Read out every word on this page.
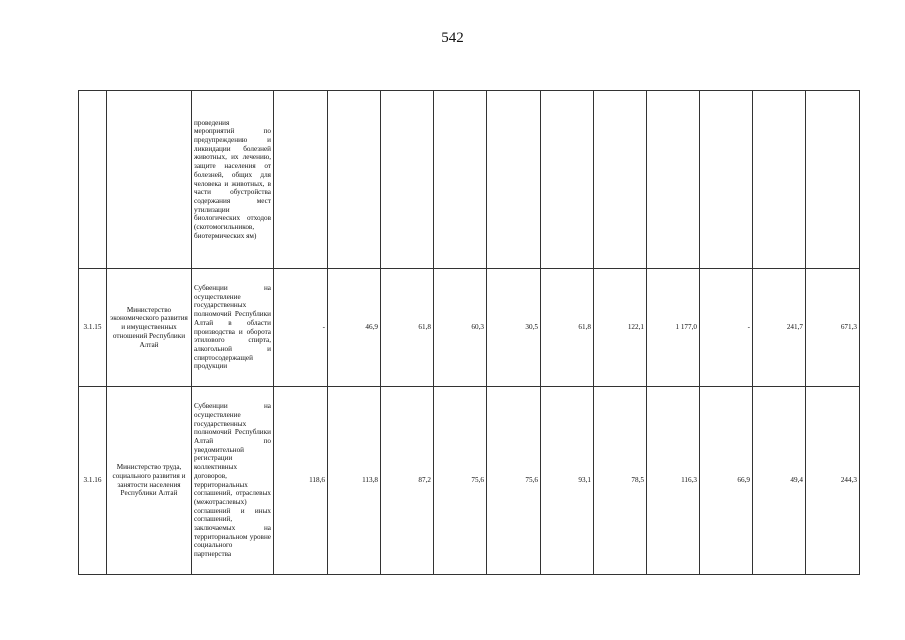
542
		проведения мероприятий по предупреждению и ликвидации болезней животных, их лечению, защите населения от болезней, общих для человека и животных, в части обустройства содержания мест утилизации биологических отходов (скотомогильников, биотермических ям)											
3.1.15	Министерство экономического развития и имущественных отношений Республики Алтай	Субвенции на осуществление государственных полномочий Республики Алтай в области производства и оборота этилового спирта, алкогольной и спиртосодержащей продукции	-	46,9	61,8	60,3	30,5	61,8	122,1	1 177,0	-	241,7	671,3
3.1.16	Министерство труда, социального развития и занятости населения Республики Алтай	Субвенции на осуществление государственных полномочий Республики Алтай по уведомительной регистрации коллективных договоров, территориальных соглашений, отраслевых (межотраслевых) соглашений и иных соглашений, заключаемых на территориальном уровне социального партнерства	118,6	113,8	87,2	75,6	75,6	93,1	78,5	116,3	66,9	49,4	244,3
